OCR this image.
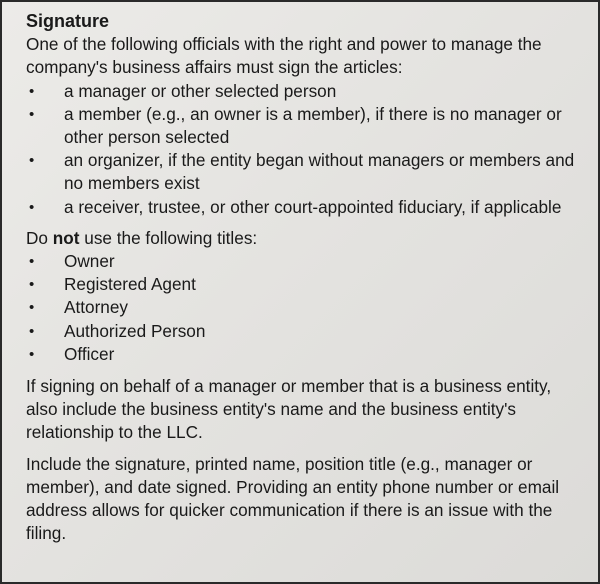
Signature

One of the following officials with the right and power to manage the company's business affairs must sign the articles:

• a manager or other selected person
• a member (e.g., an owner is a member), if there is no manager or other person selected
• an organizer, if the entity began without managers or members and no members exist
• a receiver, trustee, or other court-appointed fiduciary, if applicable

Do not use the following titles:

• Owner
• Registered Agent
• Attorney
• Authorized Person
• Officer

If signing on behalf of a manager or member that is a business entity, also include the business entity's name and the business entity's relationship to the LLC.

Include the signature, printed name, position title (e.g., manager or member), and date signed. Providing an entity phone number or email address allows for quicker communication if there is an issue with the filing.
